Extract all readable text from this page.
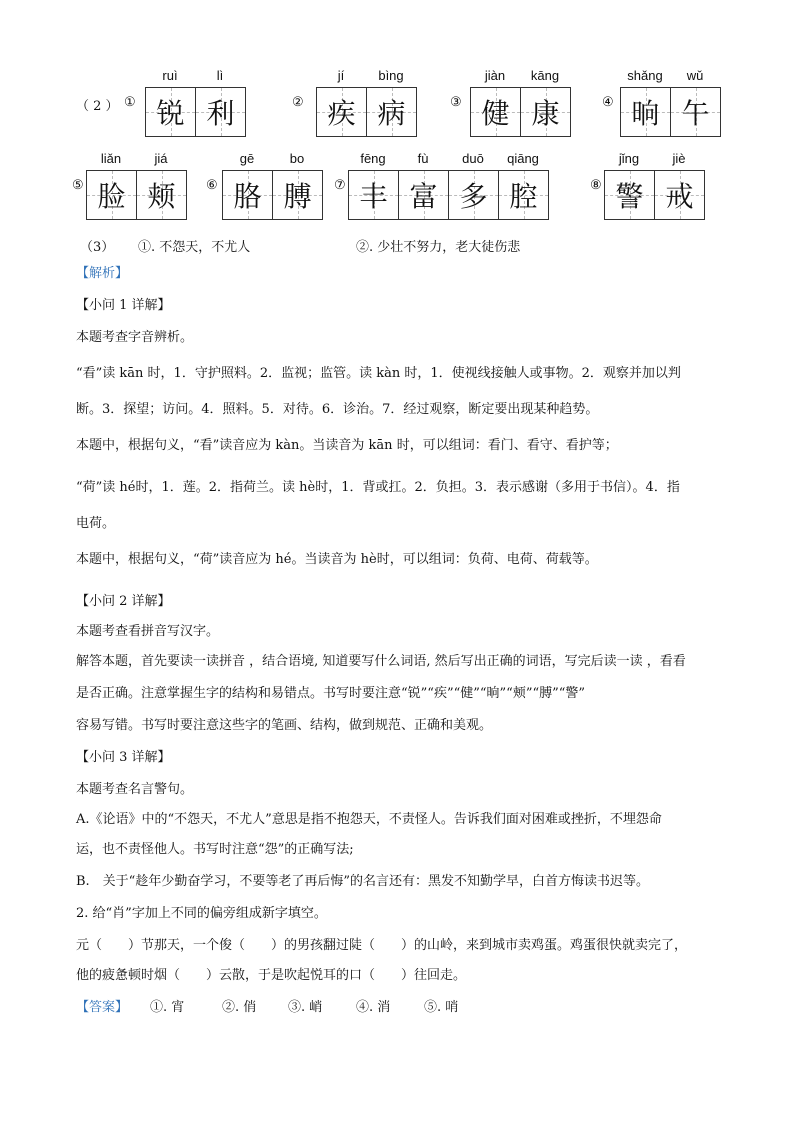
（ 2 ） ①
ruì	lì
锐 利	②
jí	bìng
疾 病	③
jiàn	kāng
健 康	④
shǎng	wǔ
晌 午
⑤
liǎn	jiá
脸 颊 ⑥
gē	bo
胳 膊 ⑦
fēng	fù	duō	qiāng
丰 富 多 腔	⑧
jǐng	jiè
警 戒
（3） ①. 不怨天，不尤人	②. 少壮不努力，老大徒伤悲
【解析】
【小问 1 详解】
本题考查字音辨析。
“看”读 kān 时，1．守护照料。2．监视；监管。读 kàn 时，1．使视线接触人或事物。2．观察并加以判
断。3．探望；访问。4．照料。5．对待。6．诊治。7．经过观察，断定要出现某种趋势。
本题中，根据句义，“看”读音应为 kàn。当读音为 kān 时，可以组词：看门、看守、看护等；
“荷”读 hé时，1．莲。2．指荷兰。读 hè时，1．背或扛。2．负担。3．表示感谢（多用于书信）。4．指
电荷。
本题中，根据句义，“荷”读音应为 hé。当读音为 hè时，可以组词：负荷、电荷、荷载等。
【小问 2 详解】
本题考查看拼音写汉字。
解答本题，首先要读一读拼音 ，结合语境, 知道要写什么词语, 然后写出正确的词语，写完后读一读 ，看看
是否正确。注意掌握生字的结构和易错点。书写时要注意“锐”“疾”“健”“晌”“颊”“膊”“警”
容易写错。书写时要注意这些字的笔画、结构，做到规范、正确和美观。
【小问 3 详解】
本题考查名言警句。
A.《论语》中的“不怨天，不尤人”意思是指不抱怨天，不责怪人。告诉我们面对困难或挫折，不埋怨命
运，也不责怪他人。书写时注意“怨”的正确写法;
B.　关于“趁年少勤奋学习，不要等老了再后悔”的名言还有：黑发不知勤学早，白首方悔读书迟等。
2. 给“肖”字加上不同的偏旁组成新字填空。
元（　　）节那天，一个俊（　　）的男孩翻过陡（　　）的山岭，来到城市卖鸡蛋。鸡蛋很快就卖完了，
他的疲惫顿时烟（　　）云散，于是吹起悦耳的口（　　）往回走。
【答案】 ①. 宵	②. 俏 ③. 峭	④. 消	⑤. 哨
